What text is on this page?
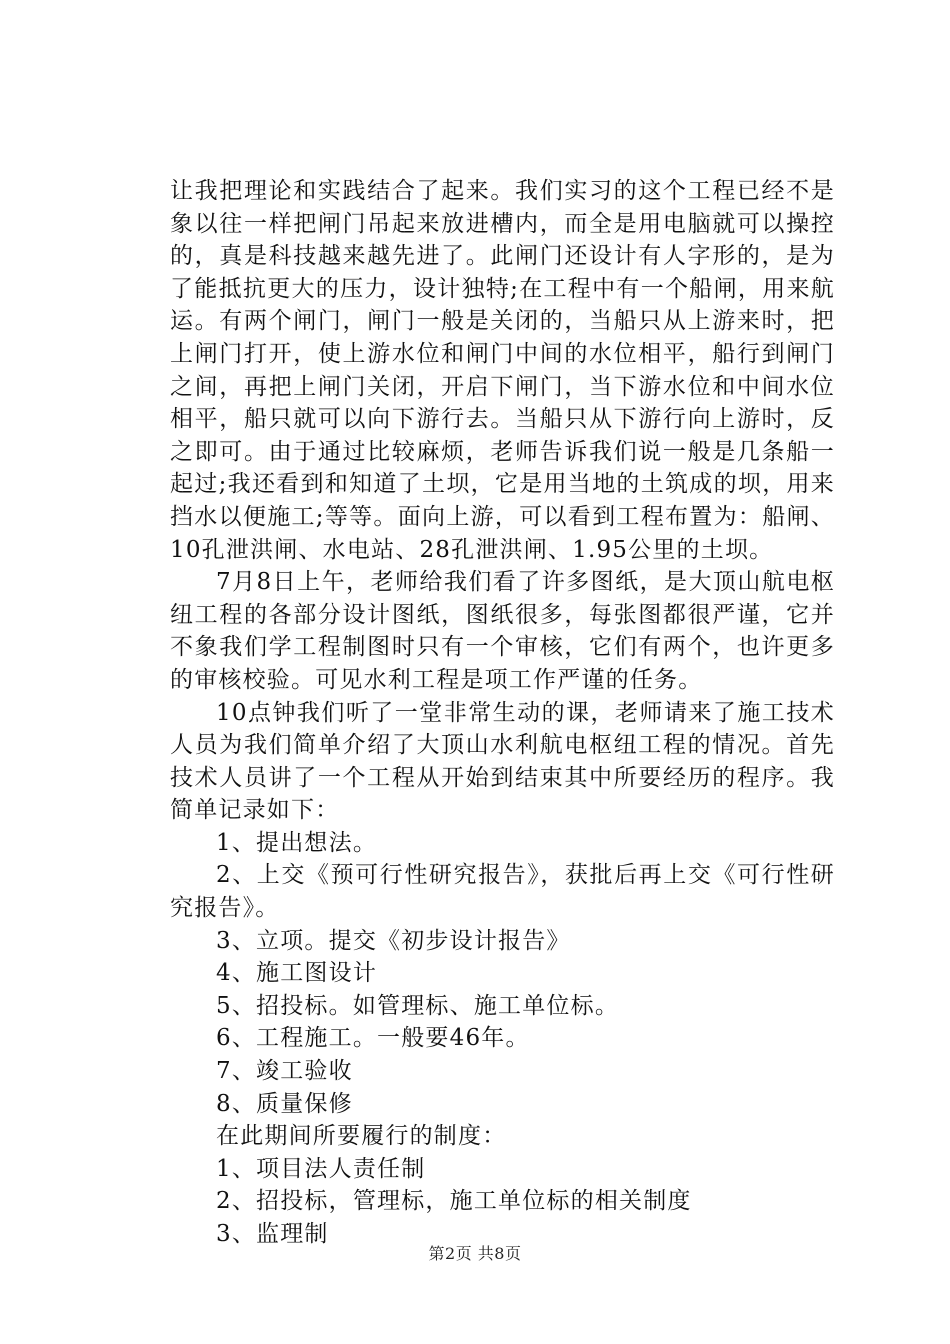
让我把理论和实践结合了起来。我们实习的这个工程已经不是象以往一样把闸门吊起来放进槽内，而全是用电脑就可以操控的，真是科技越来越先进了。此闸门还设计有人字形的，是为了能抵抗更大的压力，设计独特;在工程中有一个船闸，用来航运。有两个闸门，闸门一般是关闭的，当船只从上游来时，把上闸门打开，使上游水位和闸门中间的水位相平，船行到闸门之间，再把上闸门关闭，开启下闸门，当下游水位和中间水位相平，船只就可以向下游行去。当船只从下游行向上游时，反之即可。由于通过比较麻烦，老师告诉我们说一般是几条船一起过;我还看到和知道了土坝，它是用当地的土筑成的坝，用来挡水以便施工;等等。面向上游，可以看到工程布置为：船闸、10孔泄洪闸、水电站、28孔泄洪闸、1.95公里的土坝。

7月8日上午，老师给我们看了许多图纸，是大顶山航电枢纽工程的各部分设计图纸，图纸很多，每张图都很严谨，它并不象我们学工程制图时只有一个审核，它们有两个，也许更多的审核校验。可见水利工程是项工作严谨的任务。

10点钟我们听了一堂非常生动的课，老师请来了施工技术人员为我们简单介绍了大顶山水利航电枢纽工程的情况。首先技术人员讲了一个工程从开始到结束其中所要经历的程序。我简单记录如下：

1、提出想法。

2、上交《预可行性研究报告》，获批后再上交《可行性研究报告》。

3、立项。提交《初步设计报告》

4、施工图设计

5、招投标。如管理标、施工单位标。

6、工程施工。一般要46年。

7、竣工验收

8、质量保修

在此期间所要履行的制度：

1、项目法人责任制

2、招投标，管理标，施工单位标的相关制度

3、监理制

第2页 共8页
